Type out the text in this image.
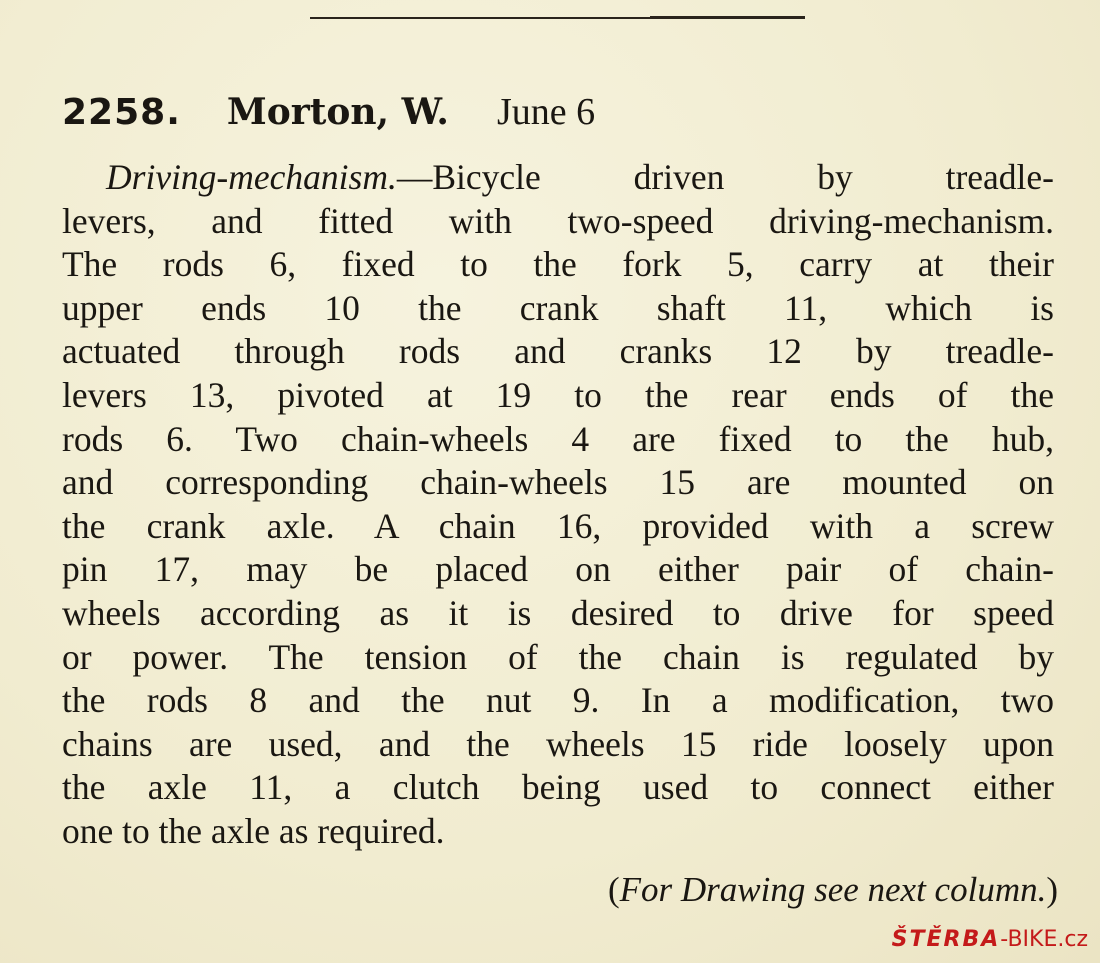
2258. Morton, W. June 6
Driving-mechanism.—Bicycle driven by treadle-
levers, and fitted with two-speed driving-mechanism.
The rods 6, fixed to the fork 5, carry at their
upper ends 10 the crank shaft 11, which is
actuated through rods and cranks 12 by treadle-
levers 13, pivoted at 19 to the rear ends of the
rods 6. Two chain-wheels 4 are fixed to the hub,
and corresponding chain-wheels 15 are mounted on
the crank axle. A chain 16, provided with a screw
pin 17, may be placed on either pair of chain-
wheels according as it is desired to drive for speed
or power. The tension of the chain is regulated by
the rods 8 and the nut 9. In a modification, two
chains are used, and the wheels 15 ride loosely upon
the axle 11, a clutch being used to connect either
one to the axle as required.
(For Drawing see next column.)
ŠTĚRBA-BIKE.cz
